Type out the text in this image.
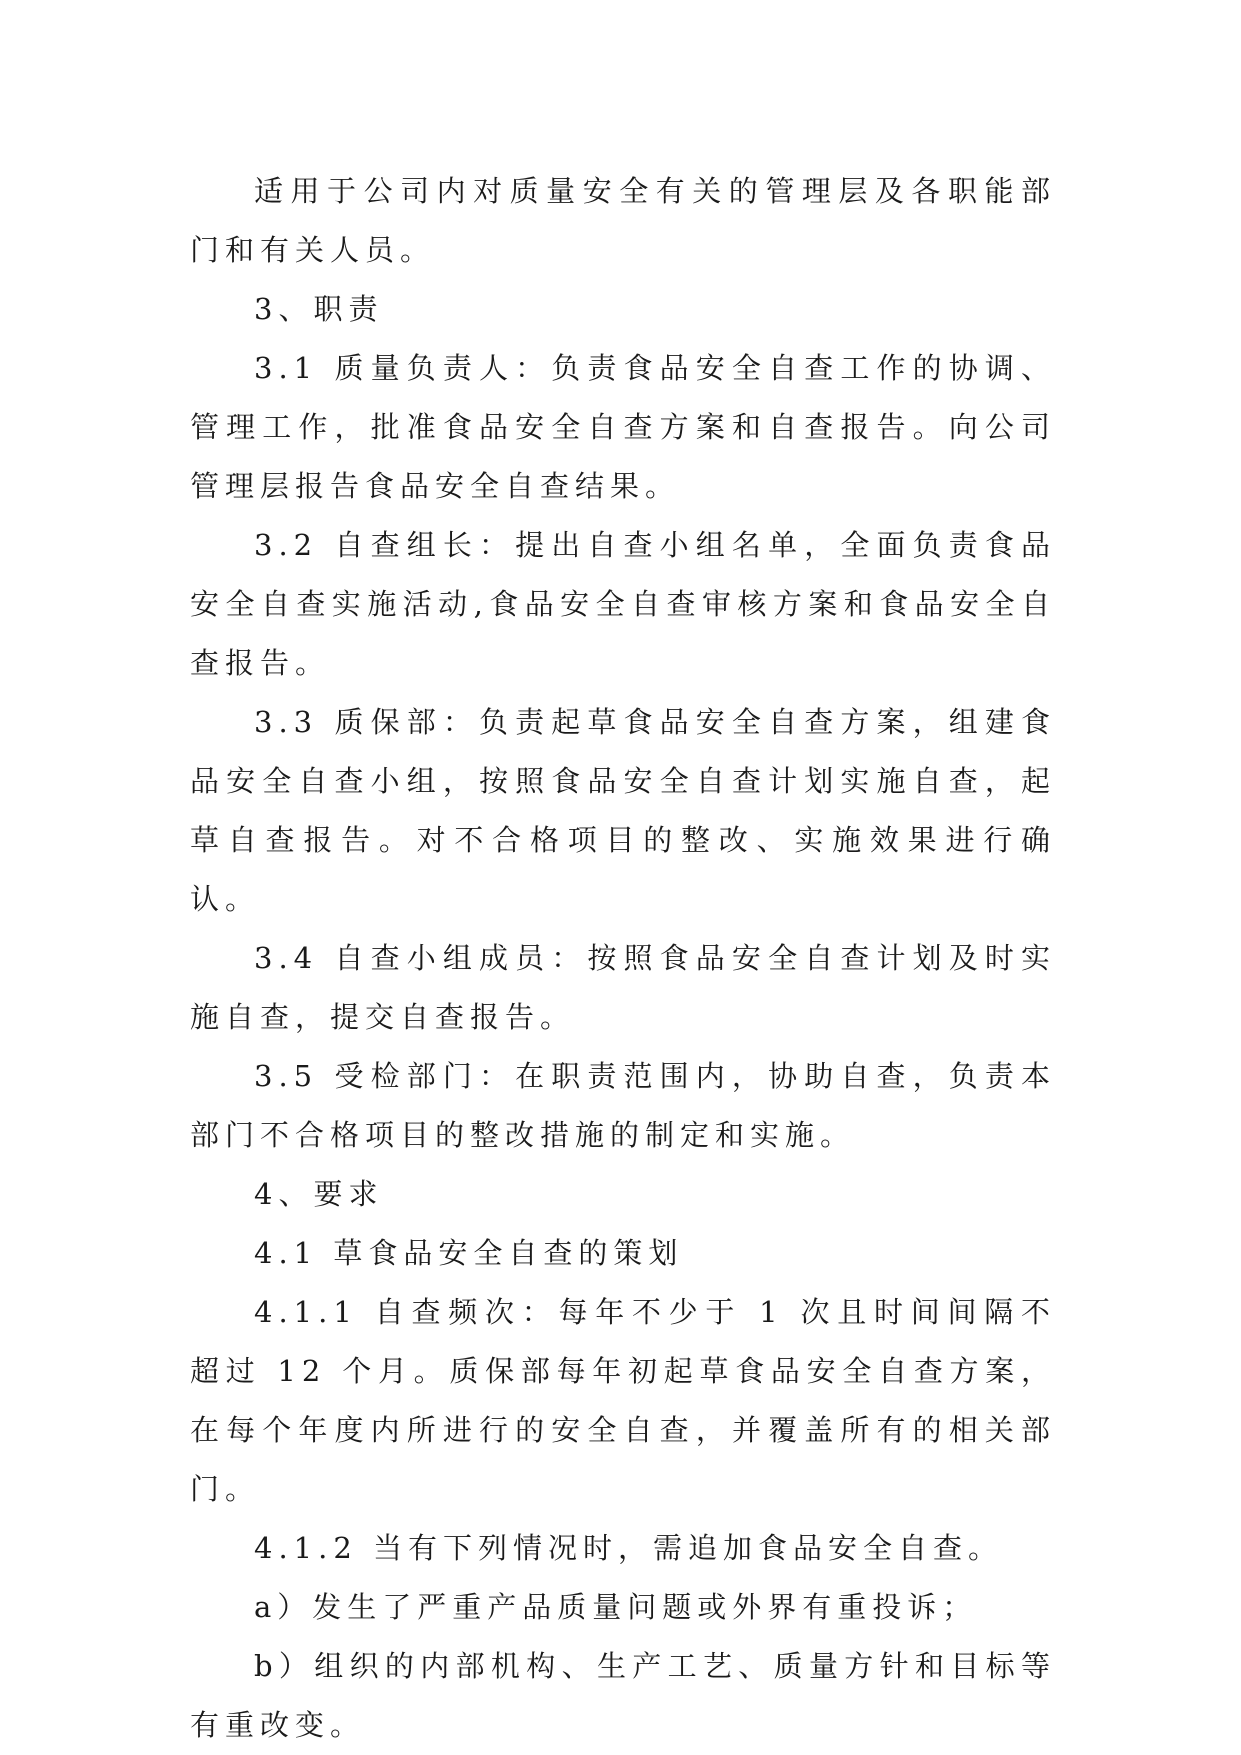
适用于公司内对质量安全有关的管理层及各职能部门和有关人员。

3、职责

3.1 质量负责人：负责食品安全自查工作的协调、管理工作，批准食品安全自查方案和自查报告。向公司管理层报告食品安全自查结果。

3.2 自查组长：提出自查小组名单，全面负责食品安全自查实施活动,食品安全自查审核方案和食品安全自查报告。

3.3 质保部：负责起草食品安全自查方案，组建食品安全自查小组，按照食品安全自查计划实施自查，起草自查报告。对不合格项目的整改、实施效果进行确认。

3.4 自查小组成员：按照食品安全自查计划及时实施自查，提交自查报告。

3.5 受检部门：在职责范围内，协助自查，负责本部门不合格项目的整改措施的制定和实施。

4、要求

4.1 草食品安全自查的策划

4.1.1 自查频次：每年不少于 1 次且时间间隔不超过 12 个月。质保部每年初起草食品安全自查方案，在每个年度内所进行的安全自查，并覆盖所有的相关部门。

4.1.2 当有下列情况时，需追加食品安全自查。

a）发生了严重产品质量问题或外界有重投诉；

b）组织的内部机构、生产工艺、质量方针和目标等有重改变。
